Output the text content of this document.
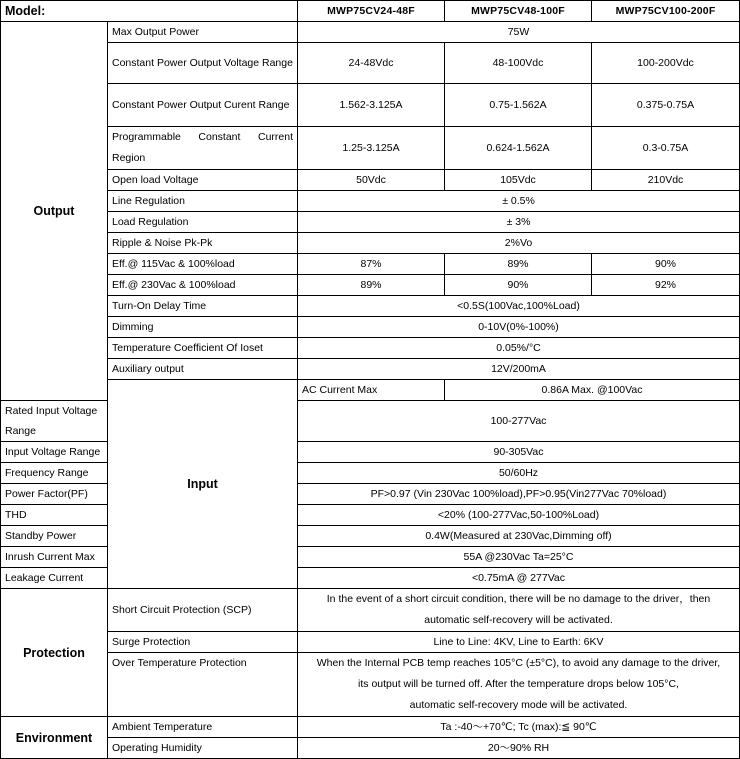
Model:		MWP75CV24-48F	MWP75CV48-100F	MWP75CV100-200F
Output	Max Output Power	75W		
	Constant Power Output Voltage Range	24-48Vdc	48-100Vdc	100-200Vdc
	Constant Power Output Curent Range	1.562-3.125A	0.75-1.562A	0.375-0.75A
	Programmable Constant Current Region	1.25-3.125A	0.624-1.562A	0.3-0.75A
	Open load Voltage	50Vdc	105Vdc	210Vdc
	Line Regulation	± 0.5%		
	Load Regulation	± 3%		
	Ripple & Noise Pk-Pk	2%Vo		
	Eff.@ 115Vac & 100%load	87%	89%	90%
	Eff.@ 230Vac & 100%load	89%	90%	92%
	Turn-On Delay Time	<0.5S(100Vac,100%Load)		
	Dimming	0-10V(0%-100%)		
	Temperature Coefficient Of Ioset	0.05%/°C		
	Auxiliary output	12V/200mA		
	Input	AC Current Max	0.86A Max. @100Vac	
Rated Input Voltage Range		100-277Vac		
Input Voltage Range		90-305Vac		
Frequency Range		50/60Hz		
Power Factor(PF)		PF>0.97 (Vin 230Vac 100%load),PF>0.95(Vin277Vac 70%load)		
THD		<20% (100-277Vac,50-100%Load)		
Standby Power		0.4W(Measured at 230Vac,Dimming off)		
Inrush Current Max		55A @230Vac Ta=25°C		
Leakage Current		<0.75mA @ 277Vac		
Protection	Short Circuit Protection (SCP)	In the event of a short circuit condition, there will be no damage to the driver，then
automatic self-recovery will be activated.		

	Surge Protection	Line to Line: 4KV, Line to Earth: 6KV		
	Over Temperature Protection	When the Internal PCB temp reaches 105°C (±5°C), to avoid any damage to the driver,
its output will be turned off. After the temperature drops below 105°C,
automatic self-recovery mode will be activated.		

Environment	Ambient Temperature	Ta :-40～+70℃; Tc (max):≦ 90℃		
	Operating Humidity	20～90% RH		
